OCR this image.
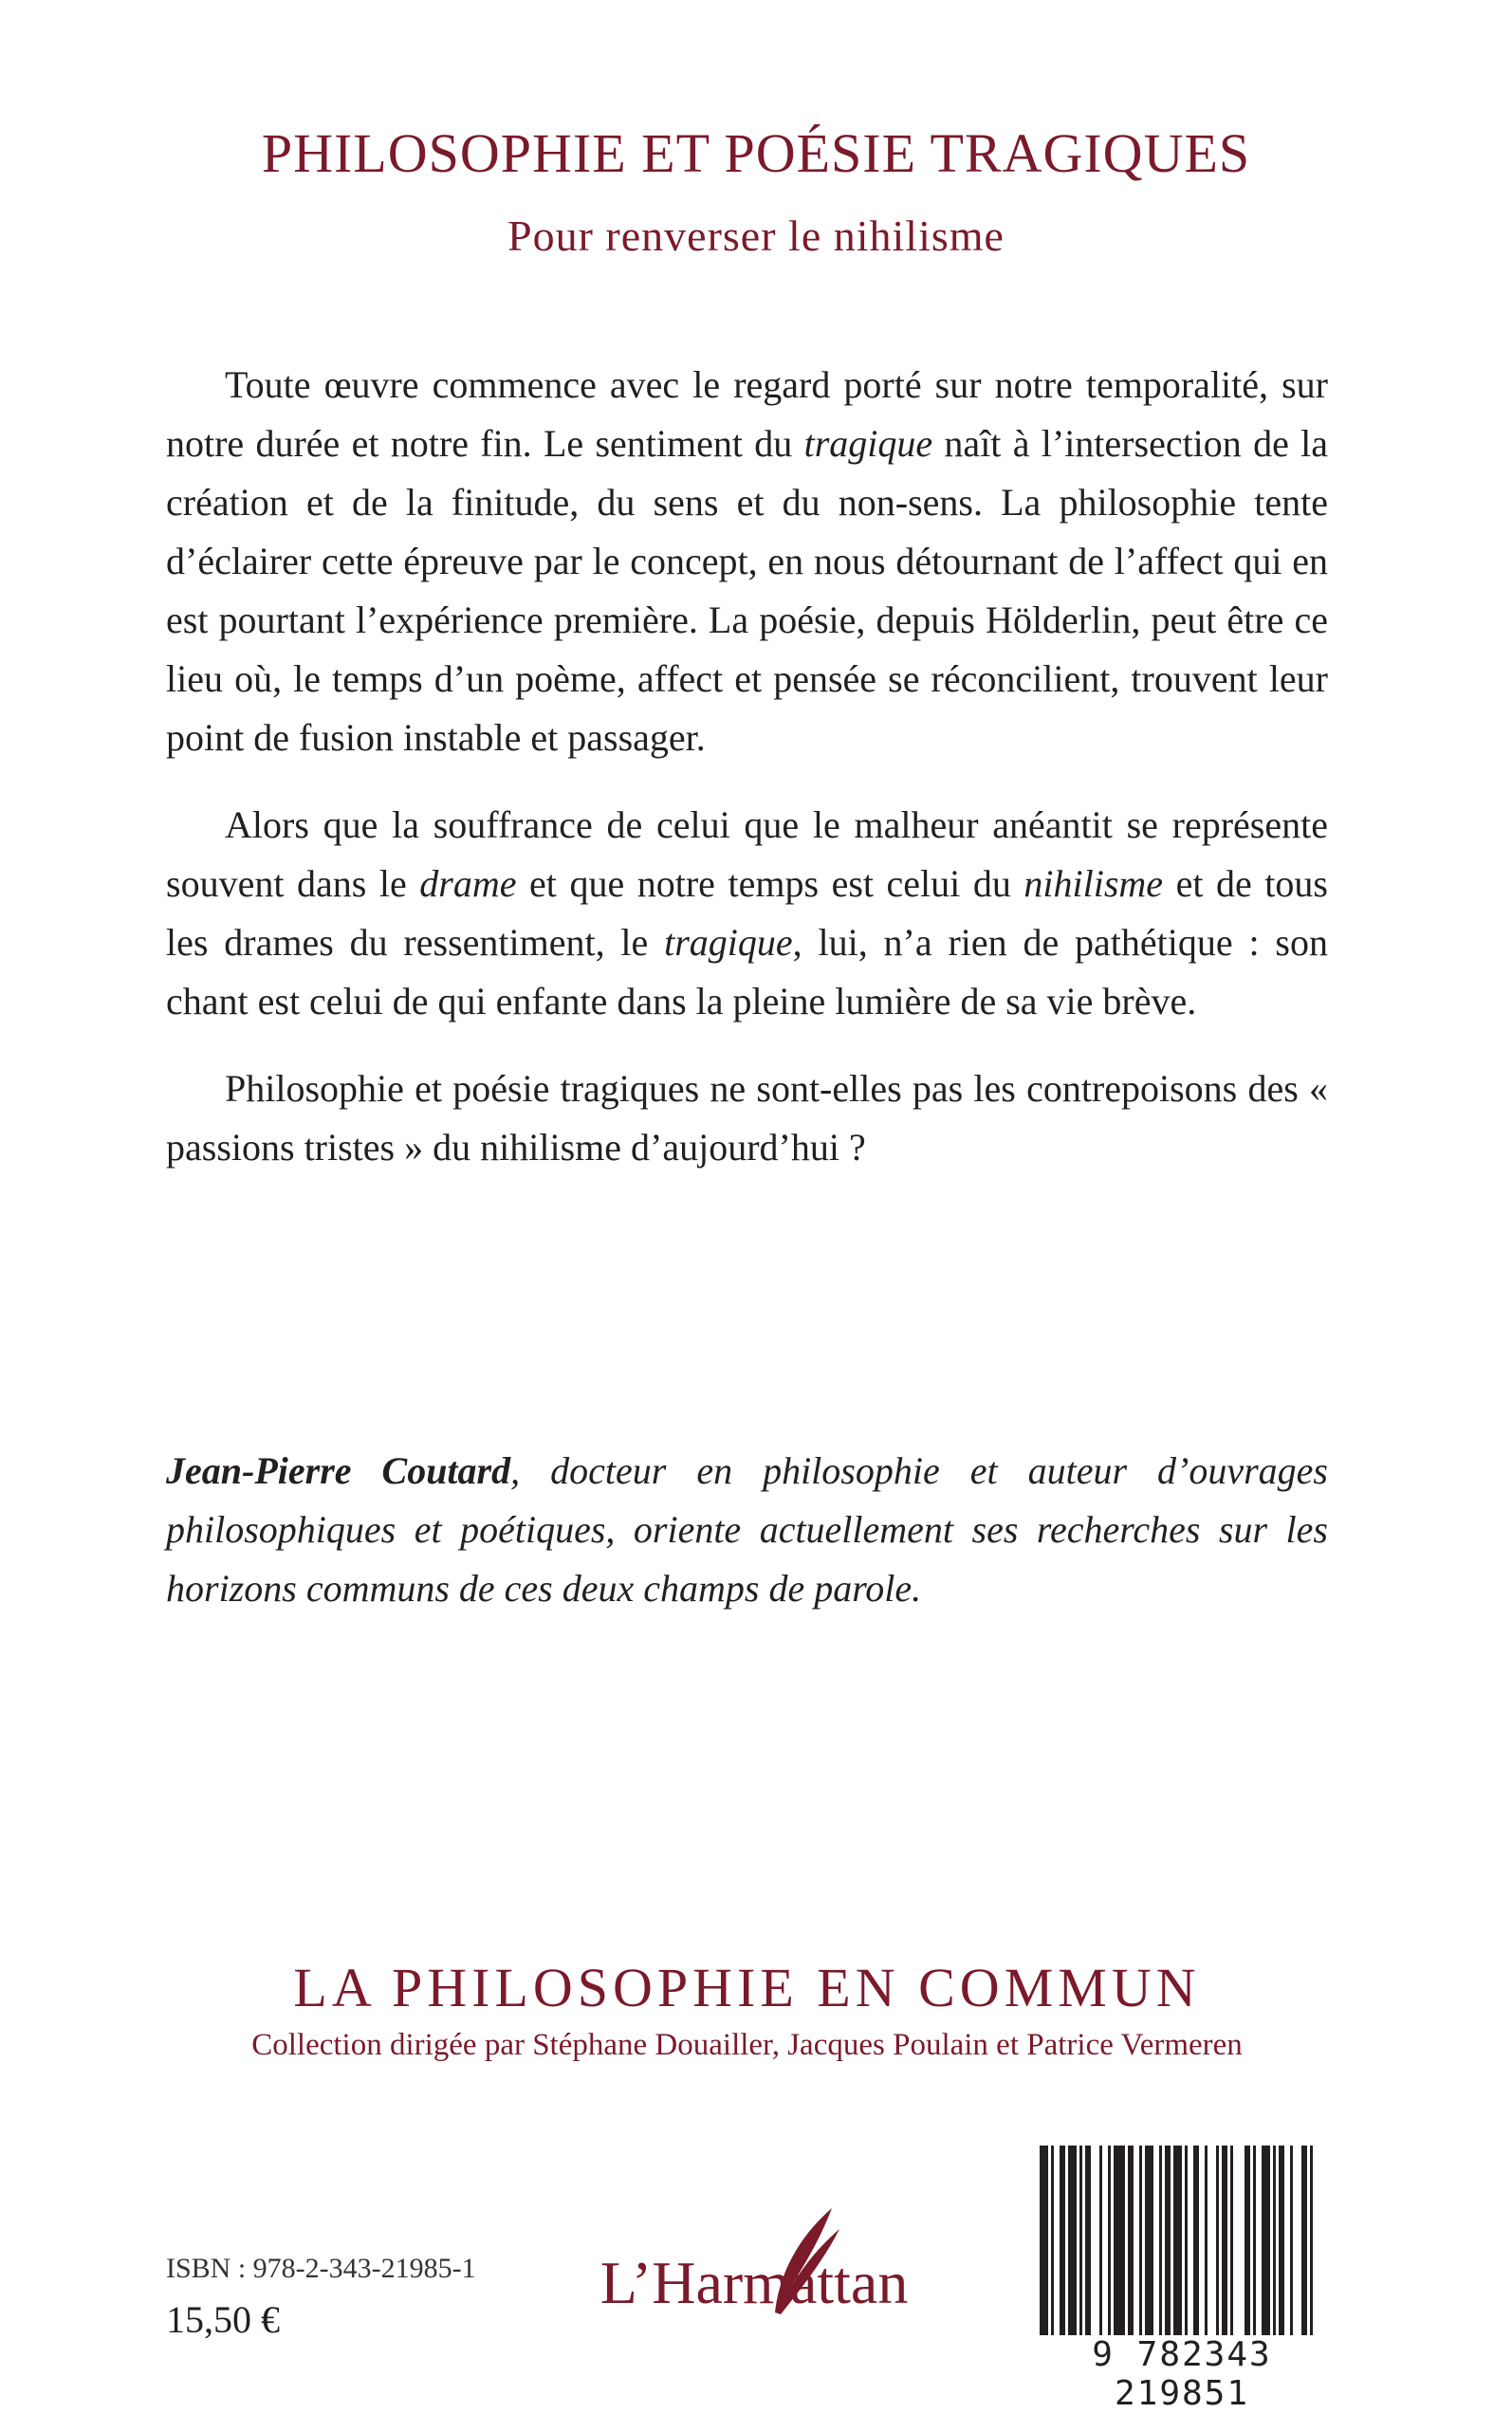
PHILOSOPHIE ET POÉSIE TRAGIQUES
Pour renverser le nihilisme

Toute œuvre commence avec le regard porté sur notre temporalité, sur notre durée et notre fin. Le sentiment du tragique naît à l’intersection de la création et de la finitude, du sens et du non-sens. La philosophie tente d’éclairer cette épreuve par le concept, en nous détournant de l’affect qui en est pourtant l’expérience première. La poésie, depuis Hölderlin, peut être ce lieu où, le temps d’un poème, affect et pensée se réconcilient, trouvent leur point de fusion instable et passager.

Alors que la souffrance de celui que le malheur anéantit se représente souvent dans le drame et que notre temps est celui du nihilisme et de tous les drames du ressentiment, le tragique, lui, n’a rien de pathétique : son chant est celui de qui enfante dans la pleine lumière de sa vie brève.

Philosophie et poésie tragiques ne sont-elles pas les contrepoisons des « passions tristes » du nihilisme d’aujourd’hui ?

Jean-Pierre Coutard, docteur en philosophie et auteur d’ouvrages philosophiques et poétiques, oriente actuellement ses recherches sur les horizons communs de ces deux champs de parole.
LA PHILOSOPHIE EN COMMUN
Collection dirigée par Stéphane Douailler, Jacques Poulain et Patrice Vermeren
ISBN : 978-2-343-21985-1
15,50 €
L’Harmattan
9 782343 219851
